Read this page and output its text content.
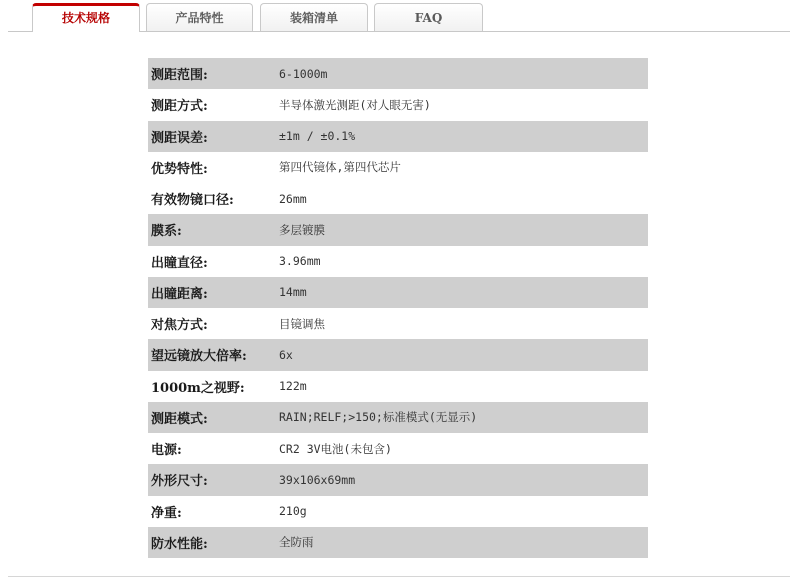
技术规格	产品特性	装箱清单	FAQ
测距范围:	6-1000m
测距方式:	半导体激光测距(对人眼无害)
测距误差:	±1m / ±0.1%
优势特性:	第四代镜体,第四代芯片
有效物镜口径:	26mm
膜系:	多层镀膜
出瞳直径:	3.96mm
出瞳距离:	14mm
对焦方式:	目镜调焦
望远镜放大倍率:	6x
1000m之视野:	122m
测距模式:	RAIN;RELF;>150;标准模式(无显示)
电源:	CR2 3V电池(未包含)
外形尺寸:	39x106x69mm
净重:	210g
防水性能:	全防雨
